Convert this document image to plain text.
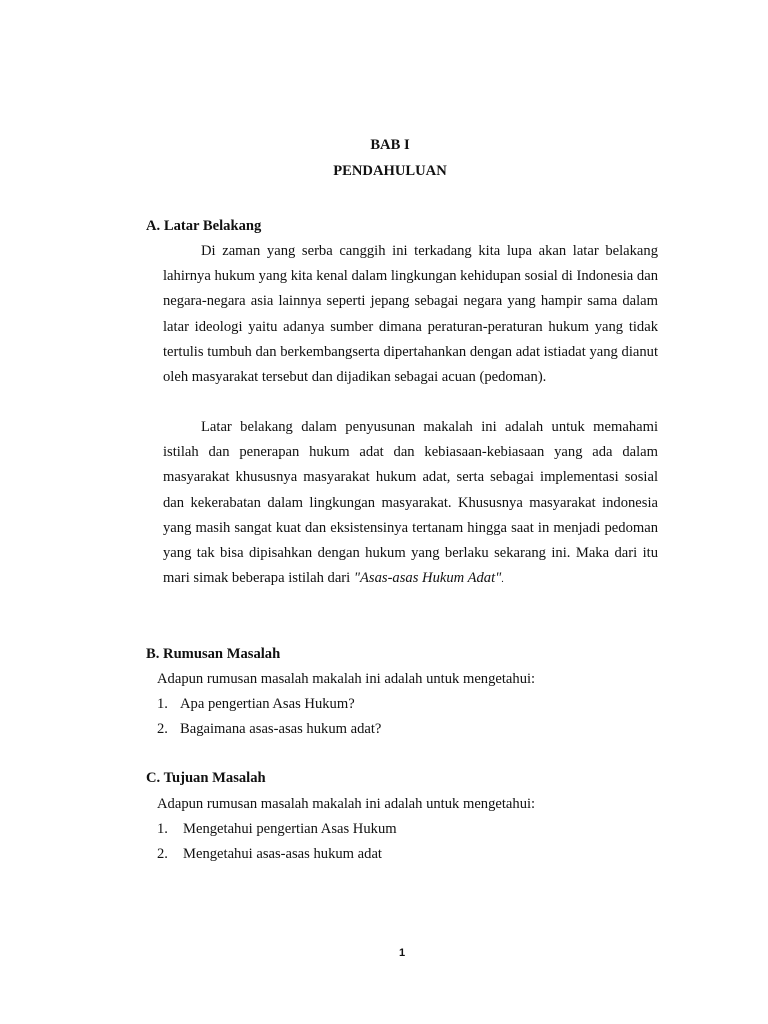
BAB I
PENDAHULUAN
A. Latar Belakang
Di zaman yang serba canggih ini terkadang kita lupa akan latar belakang lahirnya hukum yang kita kenal dalam lingkungan kehidupan sosial di Indonesia dan negara-negara asia lainnya seperti jepang sebagai negara yang hampir sama dalam latar ideologi yaitu adanya sumber dimana peraturan-peraturan hukum yang tidak tertulis tumbuh dan berkembangserta dipertahankan dengan adat istiadat yang dianut oleh masyarakat tersebut dan dijadikan sebagai acuan (pedoman).
Latar belakang dalam penyusunan makalah ini adalah untuk memahami istilah dan penerapan hukum adat dan kebiasaan-kebiasaan yang ada dalam masyarakat khususnya masyarakat hukum adat, serta sebagai implementasi sosial dan kekerabatan dalam lingkungan masyarakat. Khususnya masyarakat indonesia yang masih sangat kuat dan eksistensinya tertanam hingga saat in menjadi pedoman yang tak bisa dipisahkan dengan hukum yang berlaku sekarang ini. Maka dari itu mari simak beberapa istilah dari "Asas-asas Hukum Adat".
B. Rumusan Masalah
Adapun rumusan masalah makalah ini adalah untuk mengetahui:
1. Apa pengertian Asas Hukum?
2. Bagaimana asas-asas hukum adat?
C. Tujuan Masalah
Adapun rumusan masalah makalah ini adalah untuk mengetahui:
1. Mengetahui pengertian Asas Hukum
2. Mengetahui asas-asas hukum adat
1
